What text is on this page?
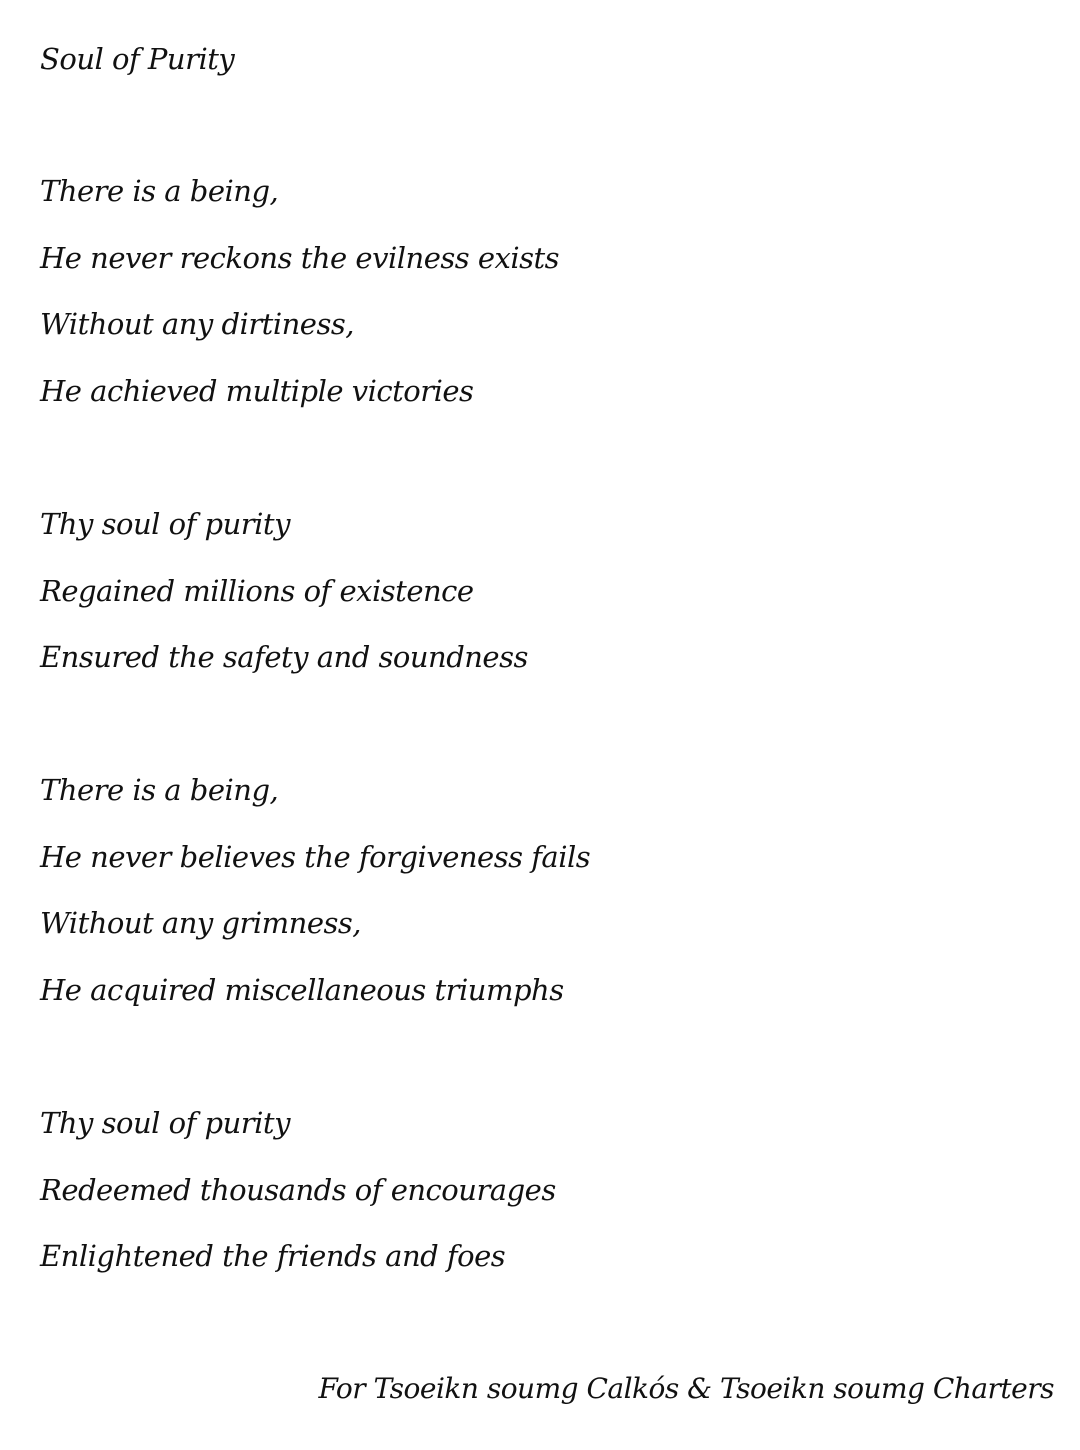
Soul of Purity

There is a being,

He never reckons the evilness exists

Without any dirtiness,

He achieved multiple victories

Thy soul of purity

Regained millions of existence

Ensured the safety and soundness

There is a being,

He never believes the forgiveness fails

Without any grimness,

He acquired miscellaneous triumphs

Thy soul of purity

Redeemed thousands of encourages

Enlightened the friends and foes

For Tsoeikn soumg Calkós & Tsoeikn soumg Charters
